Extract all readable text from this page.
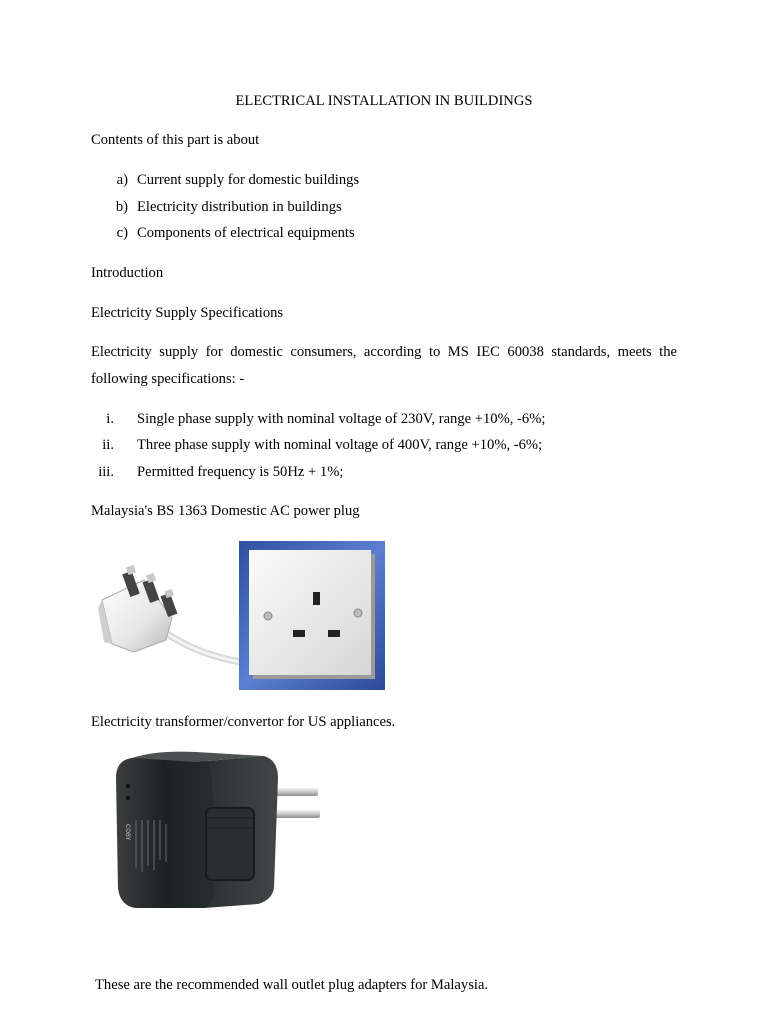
ELECTRICAL INSTALLATION IN BUILDINGS
Contents of this part is about
a) Current supply for domestic buildings
b) Electricity distribution in buildings
c) Components of electrical equipments
Introduction
Electricity Supply Specifications
Electricity supply for domestic consumers, according to MS IEC 60038 standards, meets the
following specifications: -
i. Single phase supply with nominal voltage of 230V, range +10%, -6%;
ii. Three phase supply with nominal voltage of 400V, range +10%, -6%;
iii. Permitted frequency is 50Hz + 1%;
Malaysia's BS 1363 Domestic AC power plug
Electricity transformer/convertor for US appliances.
COBY
These are the recommended wall outlet plug adapters for Malaysia.
